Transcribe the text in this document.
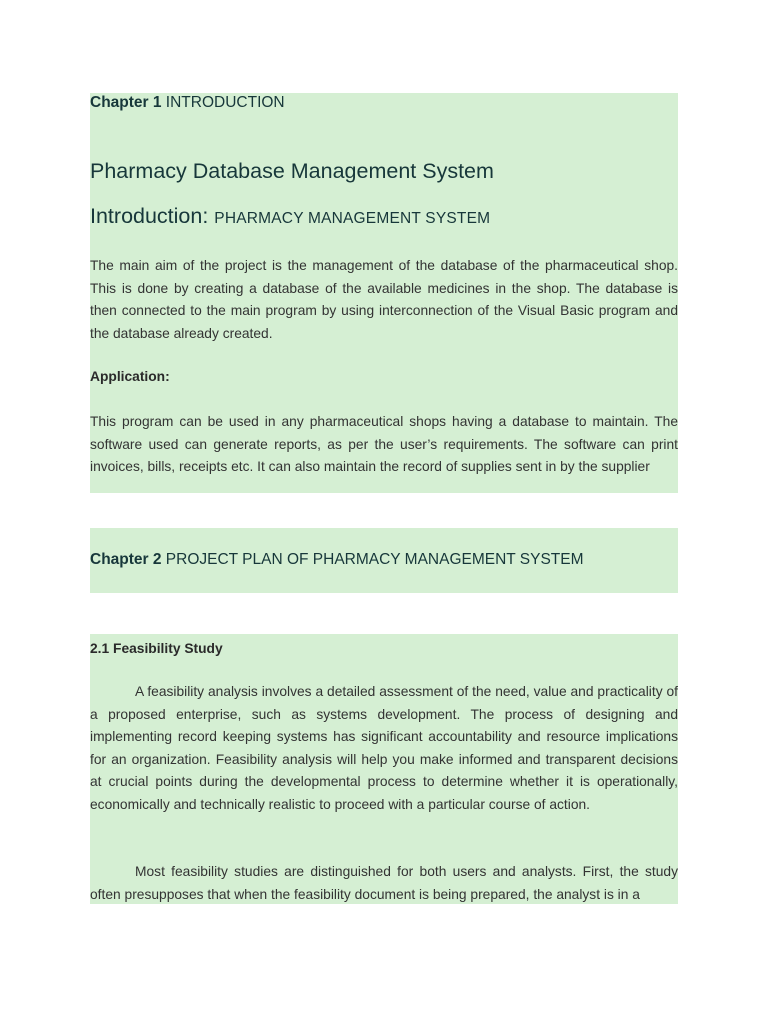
Chapter 1 INTRODUCTION
Pharmacy Database Management System
Introduction: PHARMACY MANAGEMENT SYSTEM

The main aim of the project is the management of the database of the pharmaceutical shop. This is done by creating a database of the available medicines in the shop. The database is then connected to the main program by using interconnection of the Visual Basic program and the database already created.

Application:

This program can be used in any pharmaceutical shops having a database to maintain. The software used can generate reports, as per the user’s requirements. The software can print invoices, bills, receipts etc. It can also maintain the record of supplies sent in by the supplier

Chapter 2 PROJECT PLAN OF PHARMACY MANAGEMENT SYSTEM
2.1 Feasibility Study

A feasibility analysis involves a detailed assessment of the need, value and practicality of a proposed enterprise, such as systems development. The process of designing and implementing record keeping systems has significant accountability and resource implications for an organization. Feasibility analysis will help you make informed and transparent decisions at crucial points during the developmental process to determine whether it is operationally, economically and technically realistic to proceed with a particular course of action.

Most feasibility studies are distinguished for both users and analysts. First, the study often presupposes that when the feasibility document is being prepared, the analyst is in a
